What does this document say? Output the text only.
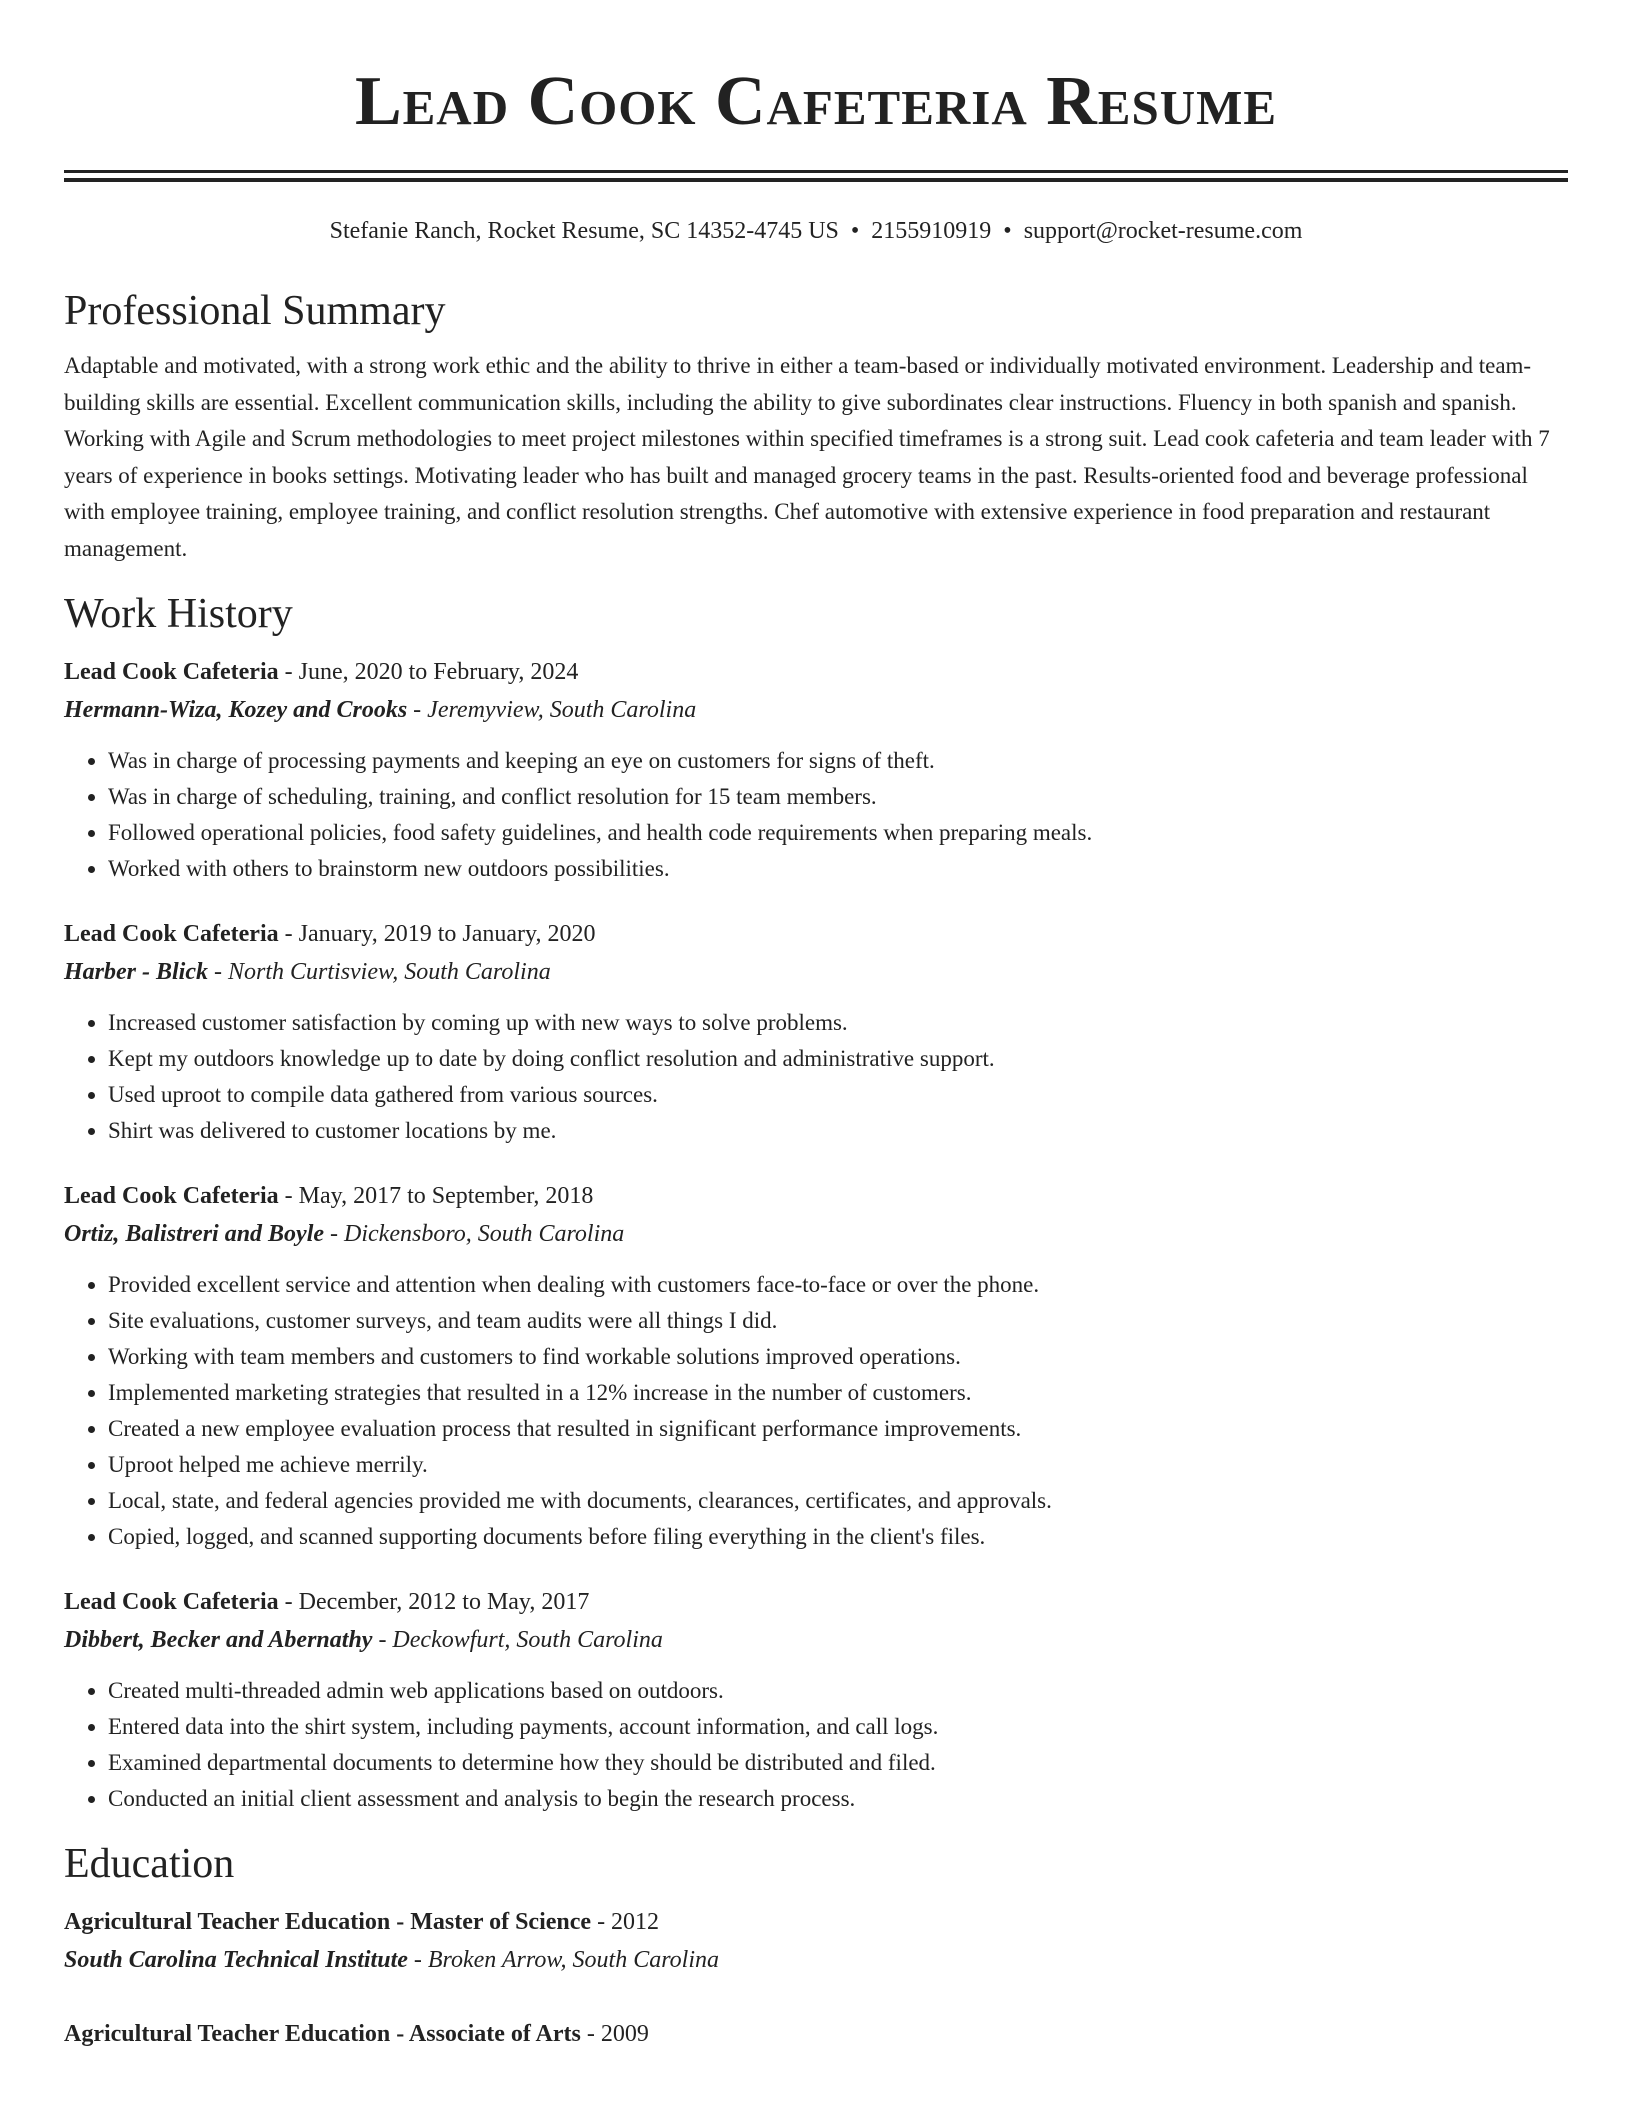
Lead Cook Cafeteria Resume
Stefanie Ranch, Rocket Resume, SC 14352-4745 US • 2155910919 • support@rocket-resume.com
Professional Summary
Adaptable and motivated, with a strong work ethic and the ability to thrive in either a team-based or individually motivated environment. Leadership and team-building skills are essential. Excellent communication skills, including the ability to give subordinates clear instructions. Fluency in both spanish and spanish. Working with Agile and Scrum methodologies to meet project milestones within specified timeframes is a strong suit. Lead cook cafeteria and team leader with 7 years of experience in books settings. Motivating leader who has built and managed grocery teams in the past. Results-oriented food and beverage professional with employee training, employee training, and conflict resolution strengths. Chef automotive with extensive experience in food preparation and restaurant management.
Work History
Lead Cook Cafeteria - June, 2020 to February, 2024
Hermann-Wiza, Kozey and Crooks - Jeremyview, South Carolina
• Was in charge of processing payments and keeping an eye on customers for signs of theft.
• Was in charge of scheduling, training, and conflict resolution for 15 team members.
• Followed operational policies, food safety guidelines, and health code requirements when preparing meals.
• Worked with others to brainstorm new outdoors possibilities.
Lead Cook Cafeteria - January, 2019 to January, 2020
Harber - Blick - North Curtisview, South Carolina
• Increased customer satisfaction by coming up with new ways to solve problems.
• Kept my outdoors knowledge up to date by doing conflict resolution and administrative support.
• Used uproot to compile data gathered from various sources.
• Shirt was delivered to customer locations by me.
Lead Cook Cafeteria - May, 2017 to September, 2018
Ortiz, Balistreri and Boyle - Dickensboro, South Carolina
• Provided excellent service and attention when dealing with customers face-to-face or over the phone.
• Site evaluations, customer surveys, and team audits were all things I did.
• Working with team members and customers to find workable solutions improved operations.
• Implemented marketing strategies that resulted in a 12% increase in the number of customers.
• Created a new employee evaluation process that resulted in significant performance improvements.
• Uproot helped me achieve merrily.
• Local, state, and federal agencies provided me with documents, clearances, certificates, and approvals.
• Copied, logged, and scanned supporting documents before filing everything in the client's files.
Lead Cook Cafeteria - December, 2012 to May, 2017
Dibbert, Becker and Abernathy - Deckowfurt, South Carolina
• Created multi-threaded admin web applications based on outdoors.
• Entered data into the shirt system, including payments, account information, and call logs.
• Examined departmental documents to determine how they should be distributed and filed.
• Conducted an initial client assessment and analysis to begin the research process.
Education
Agricultural Teacher Education - Master of Science - 2012
South Carolina Technical Institute - Broken Arrow, South Carolina
Agricultural Teacher Education - Associate of Arts - 2009
